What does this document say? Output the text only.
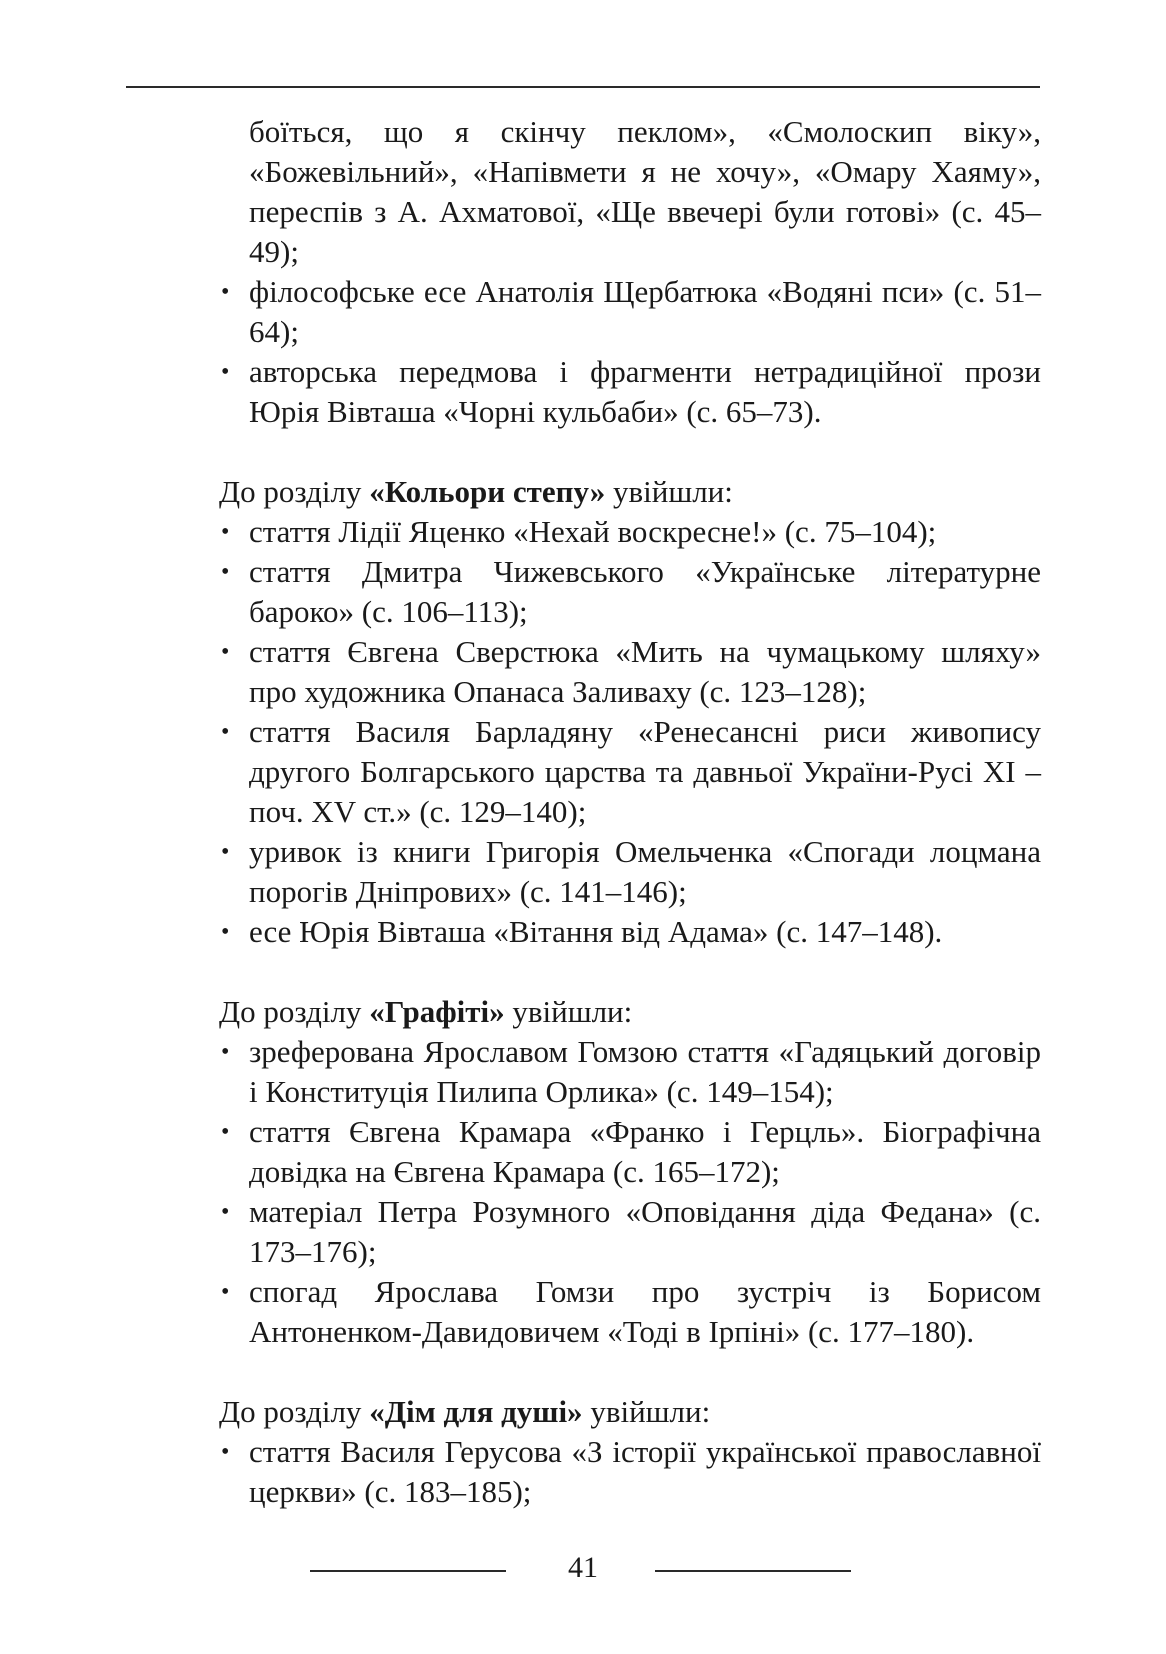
боїться, що я скінчу пеклом», «Смолоскип віку», «Божевільний», «Напівмети я не хочу», «Омару Хаяму», переспів з А. Ахматової, «Ще ввечері були готові» (с. 45–49);

• філософське есе Анатолія Щербатюка «Водяні пси» (с. 51–64);
• авторська передмова і фрагменти нетрадиційної прози Юрія Вівташа «Чорні кульбаби» (с. 65–73).

До розділу «Кольори степу» увійшли:

• стаття Лідії Яценко «Нехай воскресне!» (с. 75–104);
• стаття Дмитра Чижевського «Українське літературне бароко» (с. 106–113);
• стаття Євгена Сверстюка «Мить на чумацькому шляху» про художника Опанаса Заливаху (с. 123–128);
• стаття Василя Барладяну «Ренесансні риси живопису другого Болгарського царства та давньої України-Русі XI – поч. XV ст.» (с. 129–140);
• уривок із книги Григорія Омельченка «Спогади лоцмана порогів Дніпрових» (с. 141–146);
• есе Юрія Вівташа «Вітання від Адама» (с. 147–148).

До розділу «Графіті» увійшли:

• зреферована Ярославом Гомзою стаття «Гадяцький договір і Конституція Пилипа Орлика» (с. 149–154);
• стаття Євгена Крамара «Франко і Герцль». Біографічна довідка на Євгена Крамара (с. 165–172);
• матеріал Петра Розумного «Оповідання діда Федана» (с. 173–176);
• спогад Ярослава Гомзи про зустріч із Борисом Антоненком-Давидовичем «Тоді в Ірпіні» (с. 177–180).

До розділу «Дім для душі» увійшли:

• стаття Василя Герусова «З історії української православної церкви» (с. 183–185);
41
